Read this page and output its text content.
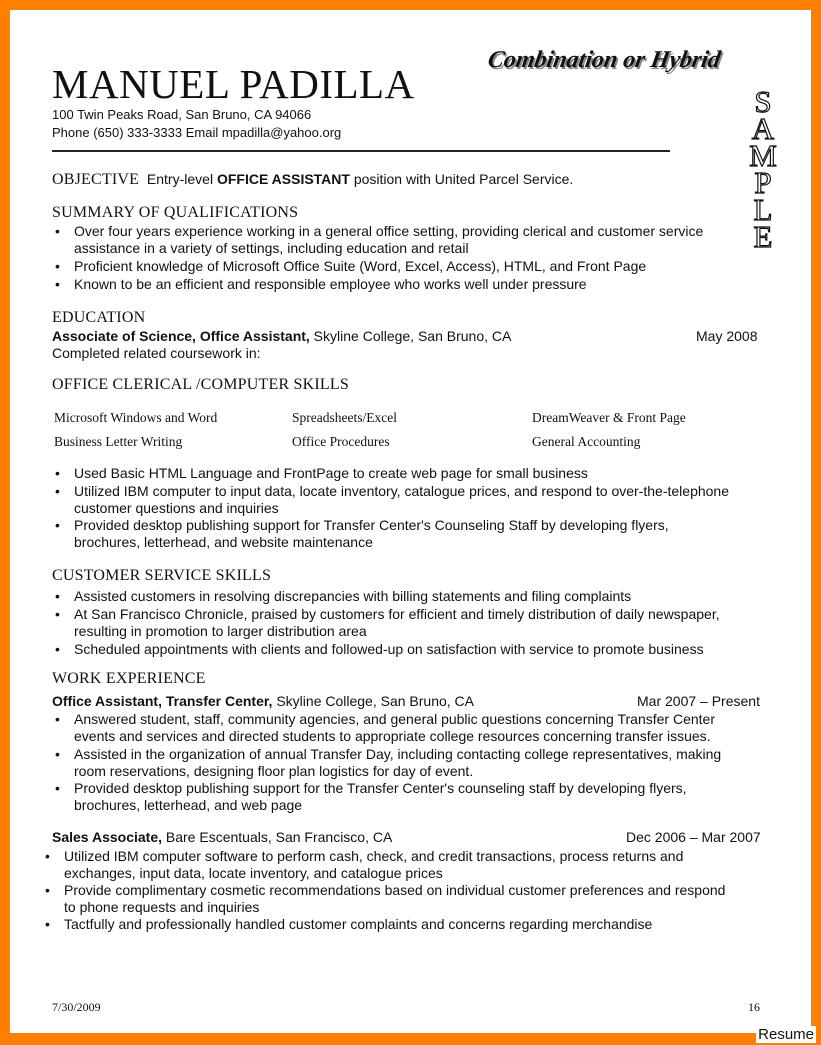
MANUEL PADILLA
Combination or Hybrid
S
A
M
P
L
E
100 Twin Peaks Road, San Bruno, CA 94066
Phone (650) 333-3333 Email mpadilla@yahoo.org
OBJECTIVE Entry-level OFFICE ASSISTANT position with United Parcel Service.
SUMMARY OF QUALIFICATIONS
• Over four years experience working in a general office setting, providing clerical and customer service
assistance in a variety of settings, including education and retail
• Proficient knowledge of Microsoft Office Suite (Word, Excel, Access), HTML, and Front Page
• Known to be an efficient and responsible employee who works well under pressure
EDUCATION
Associate of Science, Office Assistant, Skyline College, San Bruno, CA	May 2008
Completed related coursework in:
OFFICE CLERICAL /COMPUTER SKILLS
Microsoft Windows and Word	Spreadsheets/Excel	DreamWeaver & Front Page
Business Letter Writing	Office Procedures	General Accounting
• Used Basic HTML Language and FrontPage to create web page for small business
• Utilized IBM computer to input data, locate inventory, catalogue prices, and respond to over-the-telephone
customer questions and inquiries
• Provided desktop publishing support for Transfer Center's Counseling Staff by developing flyers,
brochures, letterhead, and website maintenance
CUSTOMER SERVICE SKILLS
• Assisted customers in resolving discrepancies with billing statements and filing complaints
• At San Francisco Chronicle, praised by customers for efficient and timely distribution of daily newspaper,
resulting in promotion to larger distribution area
• Scheduled appointments with clients and followed-up on satisfaction with service to promote business
WORK EXPERIENCE
Office Assistant, Transfer Center, Skyline College, San Bruno, CA	Mar 2007 – Present
• Answered student, staff, community agencies, and general public questions concerning Transfer Center
events and services and directed students to appropriate college resources concerning transfer issues.
• Assisted in the organization of annual Transfer Day, including contacting college representatives, making
room reservations, designing floor plan logistics for day of event.
• Provided desktop publishing support for the Transfer Center's counseling staff by developing flyers,
brochures, letterhead, and web page
Sales Associate, Bare Escentuals, San Francisco, CA	Dec 2006 – Mar 2007
• Utilized IBM computer software to perform cash, check, and credit transactions, process returns and
exchanges, input data, locate inventory, and catalogue prices
• Provide complimentary cosmetic recommendations based on individual customer preferences and respond
to phone requests and inquiries
• Tactfully and professionally handled customer complaints and concerns regarding merchandise
7/30/2009	16
Resume
